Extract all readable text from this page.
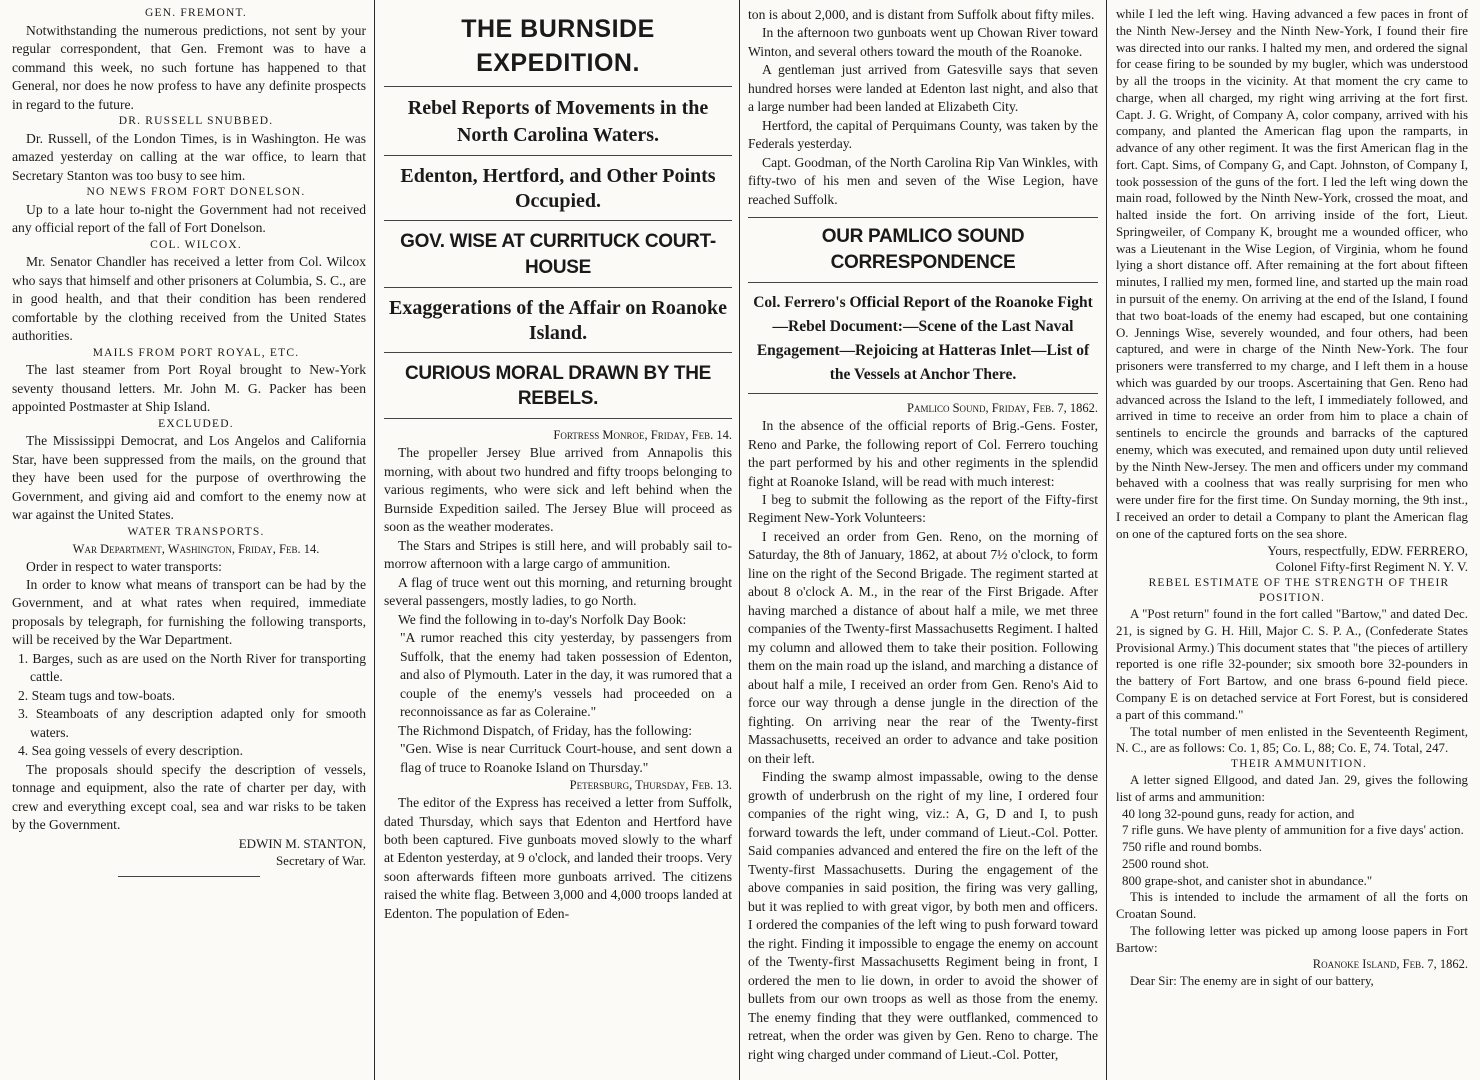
GEN. FREMONT.

Notwithstanding the numerous predictions, not sent by your regular correspondent, that Gen. Fremont was to have a command this week, no such fortune has happened to that General, nor does he now profess to have any definite prospects in regard to the future.

DR. RUSSELL SNUBBED.

Dr. Russell, of the London Times, is in Washington. He was amazed yesterday on calling at the war office, to learn that Secretary Stanton was too busy to see him.

NO NEWS FROM FORT DONELSON.

Up to a late hour to-night the Government had not received any official report of the fall of Fort Donelson.

COL. WILCOX.

Mr. Senator Chandler has received a letter from Col. Wilcox who says that himself and other prisoners at Columbia, S. C., are in good health, and that their condition has been rendered comfortable by the clothing received from the United States authorities.

MAILS FROM PORT ROYAL, ETC.

The last steamer from Port Royal brought to New-York seventy thousand letters. Mr. John M. G. Packer has been appointed Postmaster at Ship Island.

EXCLUDED.

The Mississippi Democrat, and Los Angelos and California Star, have been suppressed from the mails, on the ground that they have been used for the purpose of overthrowing the Government, and giving aid and comfort to the enemy now at war against the United States.

WATER TRANSPORTS.

War Department, Washington, Friday, Feb. 14.

Order in respect to water transports:

In order to know what means of transport can be had by the Government, and at what rates when required, immediate proposals by telegraph, for furnishing the following transports, will be received by the War Department.

1. Barges, such as are used on the North River for transporting cattle.

2. Steam tugs and tow-boats.

3. Steamboats of any description adapted only for smooth waters.

4. Sea going vessels of every description.

The proposals should specify the description of vessels, tonnage and equipment, also the rate of charter per day, with crew and everything except coal, sea and war risks to be taken by the Government.

EDWIN M. STANTON,

Secretary of War.

THE BURNSIDE EXPEDITION.
Rebel Reports of Movements in the North Carolina Waters.
Edenton, Hertford, and Other Points Occupied.
GOV. WISE AT CURRITUCK COURT-HOUSE
Exaggerations of the Affair on Roanoke Island.
CURIOUS MORAL DRAWN BY THE REBELS.

Fortress Monroe, Friday, Feb. 14.

The propeller Jersey Blue arrived from Annapolis this morning, with about two hundred and fifty troops belonging to various regiments, who were sick and left behind when the Burnside Expedition sailed. The Jersey Blue will proceed as soon as the weather moderates.

The Stars and Stripes is still here, and will probably sail to-morrow afternoon with a large cargo of ammunition.

A flag of truce went out this morning, and returning brought several passengers, mostly ladies, to go North.

We find the following in to-day's Norfolk Day Book:

"A rumor reached this city yesterday, by passengers from Suffolk, that the enemy had taken possession of Edenton, and also of Plymouth. Later in the day, it was rumored that a couple of the enemy's vessels had proceeded on a reconnoissance as far as Coleraine."

The Richmond Dispatch, of Friday, has the following:

"Gen. Wise is near Currituck Court-house, and sent down a flag of truce to Roanoke Island on Thursday."

Petersburg, Thursday, Feb. 13.

The editor of the Express has received a letter from Suffolk, dated Thursday, which says that Edenton and Hertford have both been captured. Five gunboats moved slowly to the wharf at Edenton yesterday, at 9 o'clock, and landed their troops. Very soon afterwards fifteen more gunboats arrived. The citizens raised the white flag. Between 3,000 and 4,000 troops landed at Edenton. The population of Eden-

ton is about 2,000, and is distant from Suffolk about fifty miles.

In the afternoon two gunboats went up Chowan River toward Winton, and several others toward the mouth of the Roanoke.

A gentleman just arrived from Gatesville says that seven hundred horses were landed at Edenton last night, and also that a large number had been landed at Elizabeth City.

Hertford, the capital of Perquimans County, was taken by the Federals yesterday.

Capt. Goodman, of the North Carolina Rip Van Winkles, with fifty-two of his men and seven of the Wise Legion, have reached Suffolk.

OUR PAMLICO SOUND CORRESPONDENCE
Col. Ferrero's Official Report of the Roanoke Fight —Rebel Document:—Scene of the Last Naval Engagement—Rejoicing at Hatteras Inlet—List of the Vessels at Anchor There.

Pamlico Sound, Friday, Feb. 7, 1862.

In the absence of the official reports of Brig.-Gens. Foster, Reno and Parke, the following report of Col. Ferrero touching the part performed by his and other regiments in the splendid fight at Roanoke Island, will be read with much interest:

I beg to submit the following as the report of the Fifty-first Regiment New-York Volunteers:

I received an order from Gen. Reno, on the morning of Saturday, the 8th of January, 1862, at about 7½ o'clock, to form line on the right of the Second Brigade. The regiment started at about 8 o'clock A. M., in the rear of the First Brigade. After having marched a distance of about half a mile, we met three companies of the Twenty-first Massachusetts Regiment. I halted my column and allowed them to take their position. Following them on the main road up the island, and marching a distance of about half a mile, I received an order from Gen. Reno's Aid to force our way through a dense jungle in the direction of the fighting. On arriving near the rear of the Twenty-first Massachusetts, received an order to advance and take position on their left.

Finding the swamp almost impassable, owing to the dense growth of underbrush on the right of my line, I ordered four companies of the right wing, viz.: A, G, D and I, to push forward towards the left, under command of Lieut.-Col. Potter. Said companies advanced and entered the fire on the left of the Twenty-first Massachusetts. During the engagement of the above companies in said position, the firing was very galling, but it was replied to with great vigor, by both men and officers. I ordered the companies of the left wing to push forward toward the right. Finding it impossible to engage the enemy on account of the Twenty-first Massachusetts Regiment being in front, I ordered the men to lie down, in order to avoid the shower of bullets from our own troops as well as those from the enemy. The enemy finding that they were outflanked, commenced to retreat, when the order was given by Gen. Reno to charge. The right wing charged under command of Lieut.-Col. Potter,

while I led the left wing. Having advanced a few paces in front of the Ninth New-Jersey and the Ninth New-York, I found their fire was directed into our ranks. I halted my men, and ordered the signal for cease firing to be sounded by my bugler, which was understood by all the troops in the vicinity. At that moment the cry came to charge, when all charged, my right wing arriving at the fort first. Capt. J. G. Wright, of Company A, color company, arrived with his company, and planted the American flag upon the ramparts, in advance of any other regiment. It was the first American flag in the fort. Capt. Sims, of Company G, and Capt. Johnston, of Company I, took possession of the guns of the fort. I led the left wing down the main road, followed by the Ninth New-York, crossed the moat, and halted inside the fort. On arriving inside of the fort, Lieut. Springweiler, of Company K, brought me a wounded officer, who was a Lieutenant in the Wise Legion, of Virginia, whom he found lying a short distance off. After remaining at the fort about fifteen minutes, I rallied my men, formed line, and started up the main road in pursuit of the enemy. On arriving at the end of the Island, I found that two boat-loads of the enemy had escaped, but one containing O. Jennings Wise, severely wounded, and four others, had been captured, and were in charge of the Ninth New-York. The four prisoners were transferred to my charge, and I left them in a house which was guarded by our troops. Ascertaining that Gen. Reno had advanced across the Island to the left, I immediately followed, and arrived in time to receive an order from him to place a chain of sentinels to encircle the grounds and barracks of the captured enemy, which was executed, and remained upon duty until relieved by the Ninth New-Jersey. The men and officers under my command behaved with a coolness that was really surprising for men who were under fire for the first time. On Sunday morning, the 9th inst., I received an order to detail a Company to plant the American flag on one of the captured forts on the sea shore.

Yours, respectfully, EDW. FERRERO,

Colonel Fifty-first Regiment N. Y. V.

REBEL ESTIMATE OF THE STRENGTH OF THEIR POSITION.

A "Post return" found in the fort called "Bartow," and dated Dec. 21, is signed by G. H. Hill, Major C. S. P. A., (Confederate States Provisional Army.) This document states that "the pieces of artillery reported is one rifle 32-pounder; six smooth bore 32-pounders in the battery of Fort Bartow, and one brass 6-pound field piece. Company E is on detached service at Fort Forest, but is considered a part of this command."

The total number of men enlisted in the Seventeenth Regiment, N. C., are as follows: Co. 1, 85; Co. L, 88; Co. E, 74. Total, 247.

THEIR AMMUNITION.

A letter signed Ellgood, and dated Jan. 29, gives the following list of arms and ammunition:

40 long 32-pound guns, ready for action, and

7 rifle guns. We have plenty of ammunition for a five days' action.

750 rifle and round bombs.

2500 round shot.

800 grape-shot, and canister shot in abundance."

This is intended to include the armament of all the forts on Croatan Sound.

The following letter was picked up among loose papers in Fort Bartow:

Roanoke Island, Feb. 7, 1862.

Dear Sir: The enemy are in sight of our battery,
